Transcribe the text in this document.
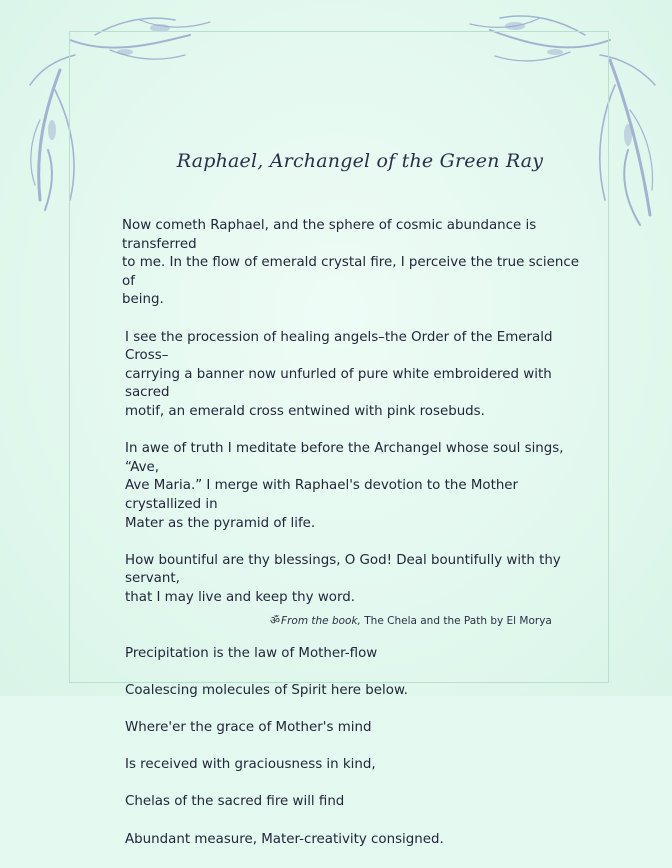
Raphael, Archangel of the Green Ray

Now cometh Raphael, and the sphere of cosmic abundance is transferred
to me. In the flow of emerald crystal fire, I perceive the true science of
being.

I see the procession of healing angels–the Order of the Emerald Cross–
carrying a banner now unfurled of pure white embroidered with sacred
motif, an emerald cross entwined with pink rosebuds.

In awe of truth I meditate before the Archangel whose soul sings, “Ave,
Ave Maria.” I merge with Raphael's devotion to the Mother crystallized in
Mater as the pyramid of life.

How bountiful are thy blessings, O God! Deal bountifully with thy servant,
that I may live and keep thy word.

Precipitation is the law of Mother-flow

Coalescing molecules of Spirit here below.

Where'er the grace of Mother's mind

Is received with graciousness in kind,

Chelas of the sacred fire will find

Abundant measure, Mater-creativity consigned.

ॐFrom the book, The Chela and the Path by El Morya
